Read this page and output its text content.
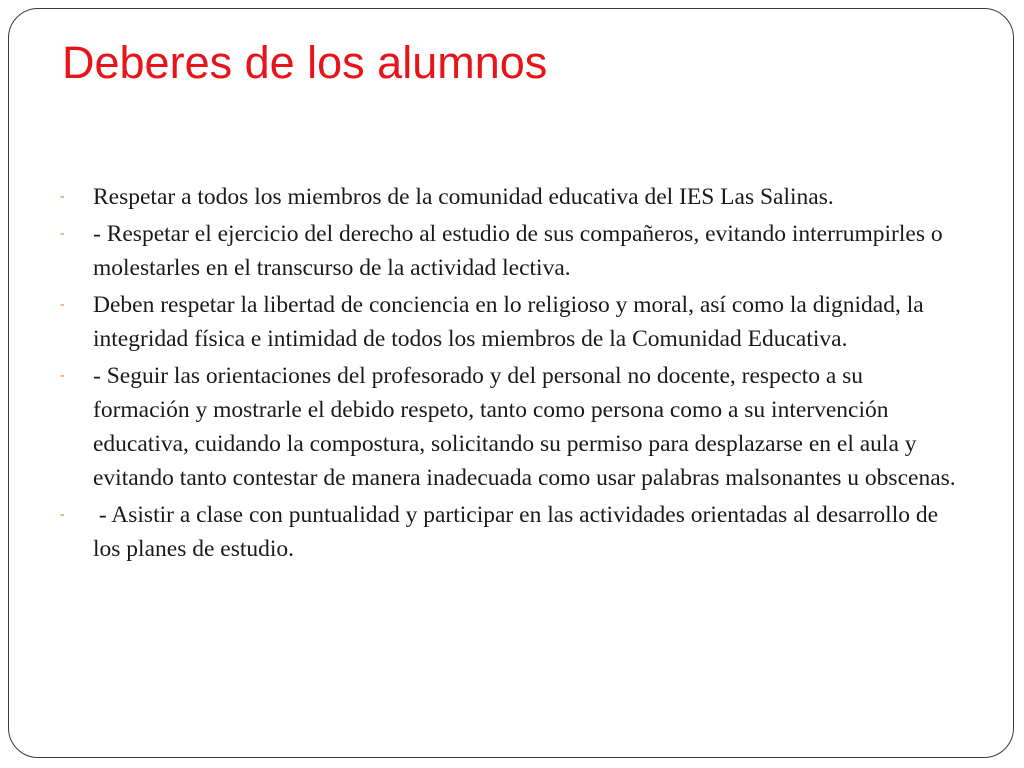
Deberes de los alumnos
-	Respetar a todos los miembros de la comunidad educativa del IES Las Salinas.
-	- Respetar el ejercicio del derecho al estudio de sus compañeros, evitando interrumpirles o molestarles en el transcurso de la actividad lectiva.
-	Deben respetar la libertad de conciencia en lo religioso y moral, así como la dignidad, la integridad física e intimidad de todos los miembros de la Comunidad Educativa.
-	- Seguir las orientaciones del profesorado y del personal no docente, respecto a su formación y mostrarle el debido respeto, tanto como persona como a su intervención educativa, cuidando la compostura, solicitando su permiso para desplazarse en el aula y evitando tanto contestar de manera inadecuada como usar palabras malsonantes u obscenas.
-	- Asistir a clase con puntualidad y participar en las actividades orientadas al desarrollo de los planes de estudio.
